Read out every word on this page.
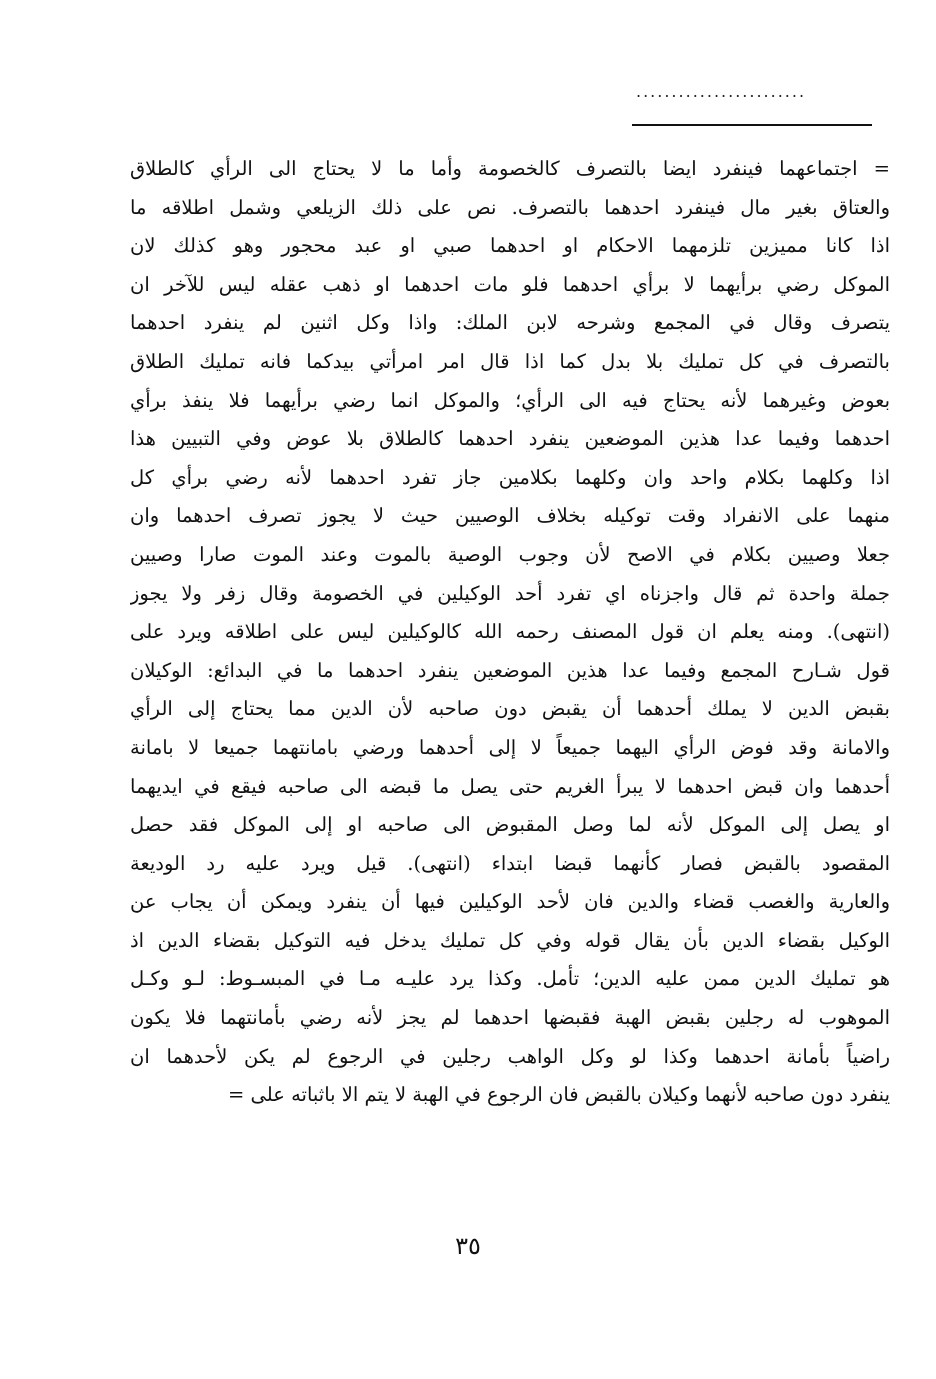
........................
= اجتماعهما فينفرد ايضا بالتصرف كالخصومة وأما ما لا يحتاج الى الرأي كالطلاق
والعتاق بغير مال فينفرد احدهما بالتصرف. نص على ذلك الزيلعي وشمل اطلاقه ما
اذا كانا مميزين تلزمهما الاحكام او احدهما صبي او عبد محجور وهو كذلك لان
الموكل رضي برأيهما لا برأي احدهما فلو مات احدهما او ذهب عقله ليس للآخر ان
يتصرف وقال في المجمع وشرحه لابن الملك: واذا وكل اثنين لم ينفرد احدهما
بالتصرف في كل تمليك بلا بدل كما اذا قال امر امرأتي بيدكما فانه تمليك الطلاق
بعوض وغيرهما لأنه يحتاج فيه الى الرأي؛ والموكل انما رضي برأيهما فلا ينفذ برأي
احدهما وفيما عدا هذين الموضعين ينفرد احدهما كالطلاق بلا عوض وفي التبيين هذا
اذا وكلهما بكلام واحد وان وكلهما بكلامين جاز تفرد احدهما لأنه رضي برأي كل
منهما على الانفراد وقت توكيله بخلاف الوصيين حيث لا يجوز تصرف احدهما وان
جعلا وصيين بكلام في الاصح لأن وجوب الوصية بالموت وعند الموت صارا وصيين
جملة واحدة ثم قال واجزناه اي تفرد أحد الوكيلين في الخصومة وقال زفر ولا يجوز
(انتهى). ومنه يعلم ان قول المصنف رحمه الله كالوكيلين ليس على اطلاقه ويرد على
قول شـارح المجمع وفيما عدا هذين الموضعين ينفرد احدهما ما في البدائع: الوكيلان
بقبض الدين لا يملك أحدهما أن يقبض دون صاحبه لأن الدين مما يحتاج إلى الرأي
والامانة وقد فوض الرأي اليهما جميعاً لا إلى أحدهما ورضي بامانتهما جميعا لا بامانة
أحدهما وان قبض احدهما لا يبرأ الغريم حتى يصل ما قبضه الى صاحبه فيقع في ايديهما
او يصل إلى الموكل لأنه لما وصل المقبوض الى صاحبه او إلى الموكل فقد حصل
المقصود بالقبض فصار كأنهما قبضا ابتداء (انتهى). قيل ويرد عليه رد الوديعة
والعارية والغصب قضاء والدين فان لأحد الوكيلين فيها أن ينفرد ويمكن أن يجاب عن
الوكيل بقضاء الدين بأن يقال قوله وفي كل تمليك يدخل فيه التوكيل بقضاء الدين اذ
هو تمليك الدين ممن عليه الدين؛ تأمل. وكذا يرد عليـه مـا في المبسـوط: لـو وكـل
الموهوب له رجلين بقبض الهبة فقبضها احدهما لم يجز لأنه رضي بأمانتهما فلا يكون
راضياً بأمانة احدهما وكذا لو وكل الواهب رجلين في الرجوع لم يكن لأحدهما ان
ينفرد دون صاحبه لأنهما وكيلان بالقبض فان الرجوع في الهبة لا يتم الا باثباته على =
٣٥
